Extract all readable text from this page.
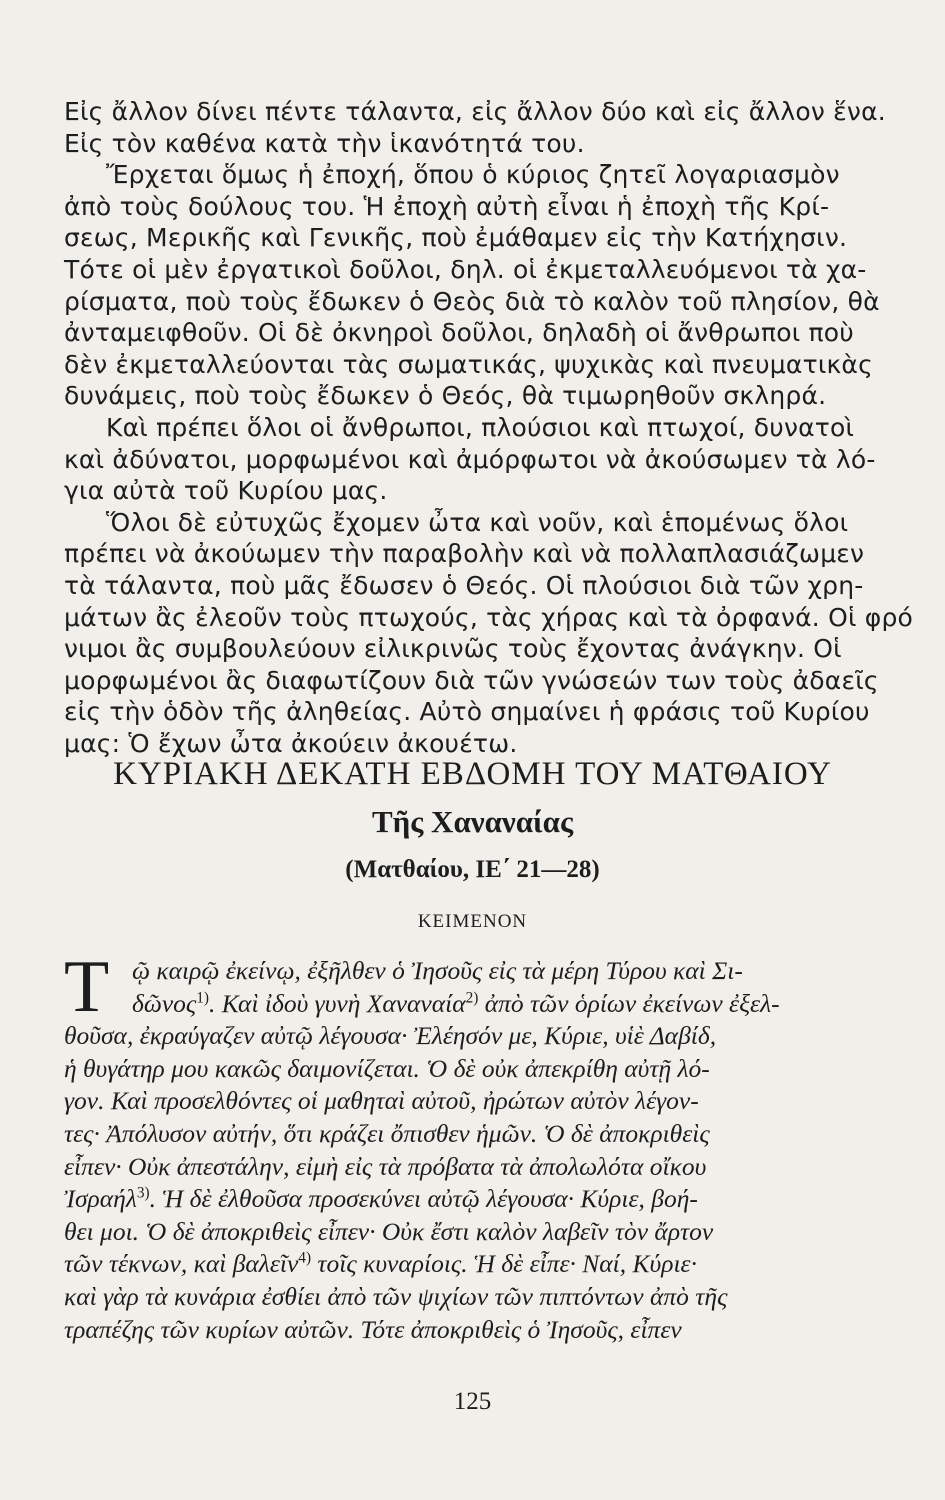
Εἰς ἄλλον δίνει πέντε τάλαντα, εἰς ἄλλον δύο καὶ εἰς ἄλλον ἕνα.

Εἰς τὸν καθένα κατὰ τὴν ἱκανότητά του.

Ἔρχεται ὅμως ἡ ἐποχή, ὅπου ὁ κύριος ζητεῖ λογαριασμὸν

ἀπὸ τοὺς δούλους του. Ἡ ἐποχὴ αὐτὴ εἶναι ἡ ἐποχὴ τῆς Κρί-

σεως, Μερικῆς καὶ Γενικῆς, ποὺ ἐμάθαμεν εἰς τὴν Κατήχησιν.

Τότε οἱ μὲν ἐργατικοὶ δοῦλοι, δηλ. οἱ ἐκμεταλλευόμενοι τὰ χα-

ρίσματα, ποὺ τοὺς ἔδωκεν ὁ Θεὸς διὰ τὸ καλὸν τοῦ πλησίον, θὰ

ἀνταμειφθοῦν. Οἱ δὲ ὀκνηροὶ δοῦλοι, δηλαδὴ οἱ ἄνθρωποι ποὺ

δὲν ἐκμεταλλεύονται τὰς σωματικάς, ψυχικὰς καὶ πνευματικὰς

δυνάμεις, ποὺ τοὺς ἔδωκεν ὁ Θεός, θὰ τιμωρηθοῦν σκληρά.

Καὶ πρέπει ὅλοι οἱ ἄνθρωποι, πλούσιοι καὶ πτωχοί, δυνατοὶ

καὶ ἀδύνατοι, μορφωμένοι καὶ ἀμόρφωτοι νὰ ἀκούσωμεν τὰ λό-

για αὐτὰ τοῦ Κυρίου μας.

Ὅλοι δὲ εὐτυχῶς ἔχομεν ὦτα καὶ νοῦν, καὶ ἑπομένως ὅλοι

πρέπει νὰ ἀκούωμεν τὴν παραβολὴν καὶ νὰ πολλαπλασιάζωμεν

τὰ τάλαντα, ποὺ μᾶς ἔδωσεν ὁ Θεός. Οἱ πλούσιοι διὰ τῶν χρη-

μάτων ἂς ἐλεοῦν τοὺς πτωχούς, τὰς χήρας καὶ τὰ ὀρφανά. Οἱ φρό

νιμοι ἂς συμβουλεύουν εἰλικρινῶς τοὺς ἔχοντας ἀνάγκην. Οἱ

μορφωμένοι ἂς διαφωτίζουν διὰ τῶν γνώσεών των τοὺς ἀδαεῖς

εἰς τὴν ὁδὸν τῆς ἀληθείας. Αὐτὸ σημαίνει ἡ φράσις τοῦ Κυρίου

μας: Ὁ ἔχων ὦτα ἀκούειν ἀκουέτω.

ΚΥΡΙΑΚΗ ΔΕΚΑΤΗ ΕΒΔΟΜΗ ΤΟΥ ΜΑΤΘΑΙΟΥ
Τῆς Χαναναίας
(Ματθαίου, ΙΕ΄ 21—28)
ΚΕΙΜΕΝΟΝ
Τ ῷ καιρῷ ἐκείνῳ, ἐξῆλθεν ὁ Ἰησοῦς εἰς τὰ μέρη Τύρου καὶ Σι-

δῶνος$^{1)}$. Καὶ ἰδοὺ γυνὴ Χαναναία$^{2)}$ ἀπὸ τῶν ὁρίων ἐκείνων ἐξελ-

θοῦσα, ἐκραύγαζεν αὐτῷ λέγουσα· Ἐλέησόν με, Κύριε, υἱὲ Δαβίδ,

ἡ θυγάτηρ μου κακῶς δαιμονίζεται. Ὁ δὲ οὐκ ἀπεκρίθη αὐτῇ λό-

γον. Καὶ προσελθόντες οἱ μαθηταὶ αὐτοῦ, ἠρώτων αὐτὸν λέγον-

τες· Ἀπόλυσον αὐτήν, ὅτι κράζει ὄπισθεν ἡμῶν. Ὁ δὲ ἀποκριθεὶς

εἶπεν· Οὐκ ἀπεστάλην, εἰμὴ εἰς τὰ πρόβατα τὰ ἀπολωλότα οἴκου

Ἰσραήλ$^{3)}$. Ἡ δὲ ἐλθοῦσα προσεκύνει αὐτῷ λέγουσα· Κύριε, βοή-

θει μοι. Ὁ δὲ ἀποκριθεὶς εἶπεν· Οὐκ ἔστι καλὸν λαβεῖν τὸν ἄρτον

τῶν τέκνων, καὶ βαλεῖν$^{4)}$ τοῖς κυναρίοις. Ἡ δὲ εἶπε· Ναί, Κύριε·

καὶ γὰρ τὰ κυνάρια ἐσθίει ἀπὸ τῶν ψιχίων τῶν πιπτόντων ἀπὸ τῆς

τραπέζης τῶν κυρίων αὐτῶν. Τότε ἀποκριθεὶς ὁ Ἰησοῦς, εἶπεν

125
